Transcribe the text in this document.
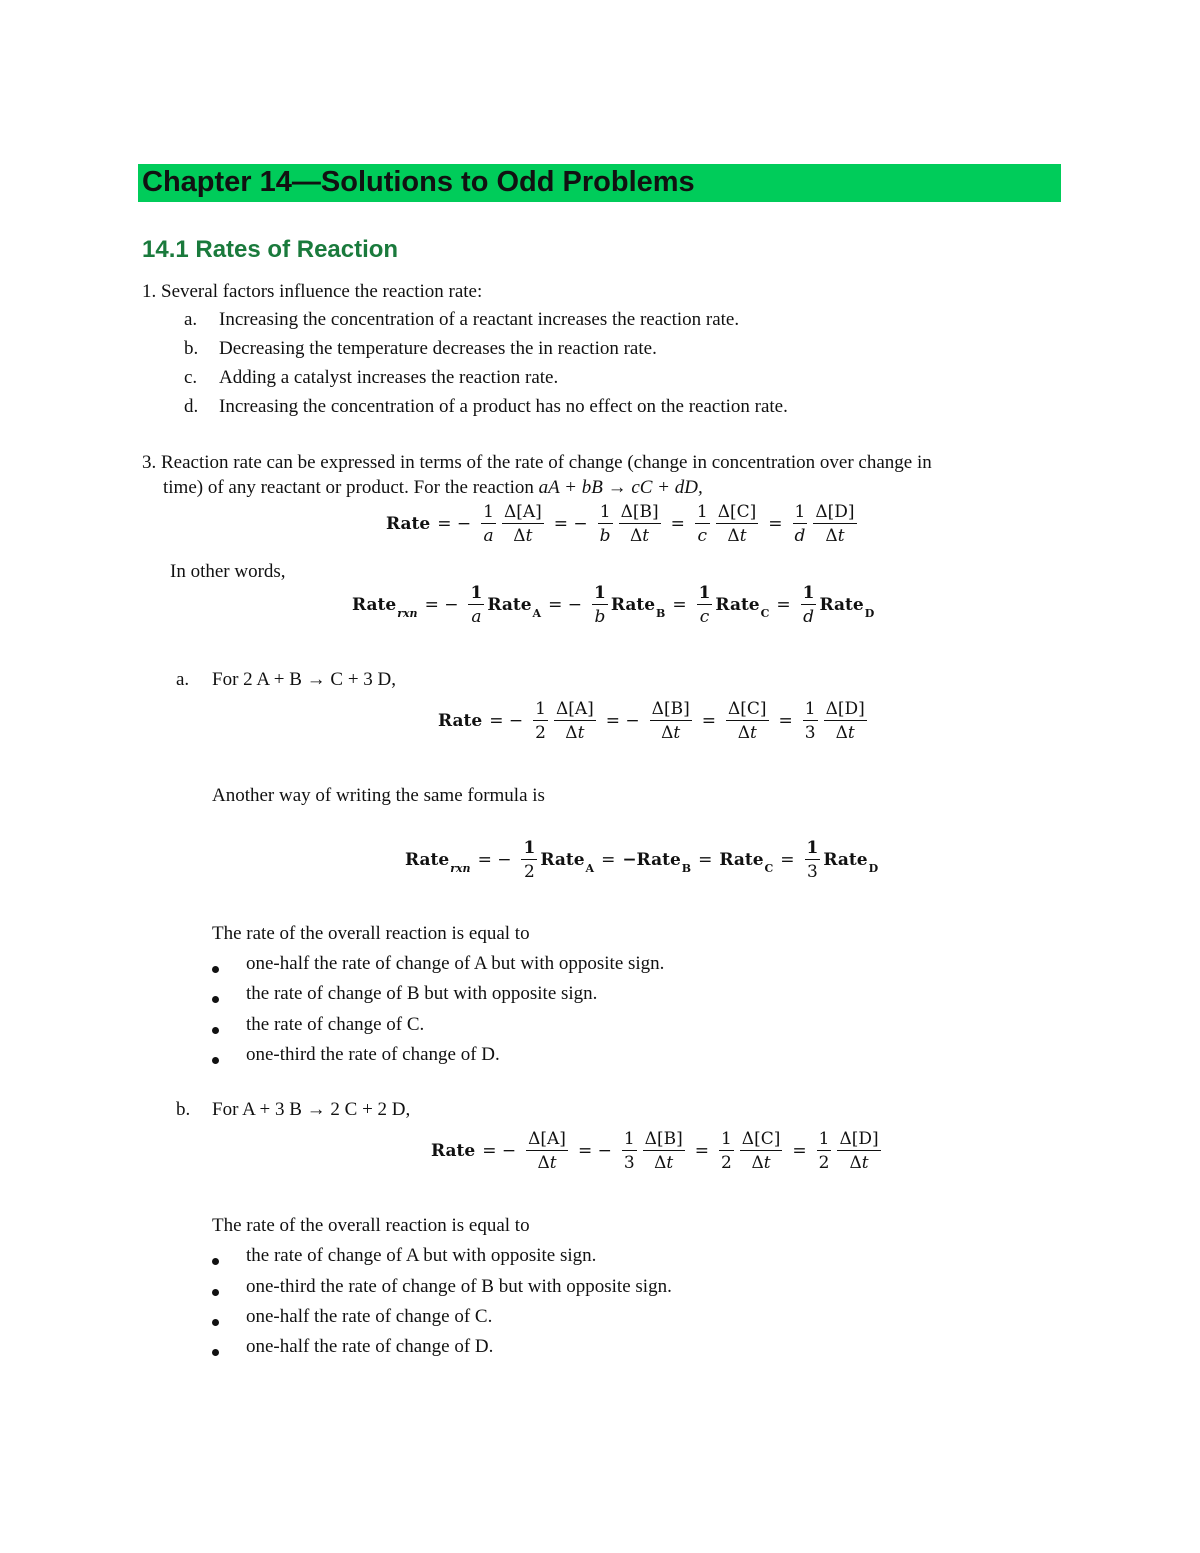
Chapter 14—Solutions to Odd Problems
14.1 Rates of Reaction
1. Several factors influence the reaction rate:
a. Increasing the concentration of a reactant increases the reaction rate.
b. Decreasing the temperature decreases the in reaction rate.
c. Adding a catalyst increases the reaction rate.
d. Increasing the concentration of a product has no effect on the reaction rate.
3. Reaction rate can be expressed in terms of the rate of change (change in concentration over change in
time) of any reactant or product. For the reaction aA + bB → cC + dD,
Rate = − $\frac{1}{a} \frac{\Delta[A]}{\Delta t}$ = − $\frac{1}{b} \frac{\Delta[B]}{\Delta t} = \frac{1}{c} \frac{\Delta[C]}{\Delta t} = \frac{1}{d} \frac{\Delta[D]}{\Delta t}$
In other words,
Rate$_{rxn}$ = − $\frac{1}{a}$ Rate$_A$ = − $\frac{1}{b}$ Rate$_B$ = $\frac{1}{c}$ Rate$_C$ = $\frac{1}{d}$ Rate$_D$
a. For 2 A + B → C + 3 D,
Rate = − $\frac{1}{2} \frac{\Delta[A]}{\Delta t}$ = − $\frac{\Delta[B]}{\Delta t} = \frac{\Delta[C]}{\Delta t} = \frac{1}{3} \frac{\Delta[D]}{\Delta t}$
Another way of writing the same formula is
Rate$_{rxn}$ = − $\frac{1}{2}$ Rate$_A$ = −Rate$_B$ = Rate$_C$ = $\frac{1}{3}$ Rate$_D$
The rate of the overall reaction is equal to
one-half the rate of change of A but with opposite sign.
the rate of change of B but with opposite sign.
the rate of change of C.
one-third the rate of change of D.
b. For A + 3 B → 2 C + 2 D,
Rate = − $\frac{\Delta[A]}{\Delta t}$ = − $\frac{1}{3} \frac{\Delta[B]}{\Delta t} = \frac{1}{2} \frac{\Delta[C]}{\Delta t} = \frac{1}{2} \frac{\Delta[D]}{\Delta t}$
The rate of the overall reaction is equal to
the rate of change of A but with opposite sign.
one-third the rate of change of B but with opposite sign.
one-half the rate of change of C.
one-half the rate of change of D.
